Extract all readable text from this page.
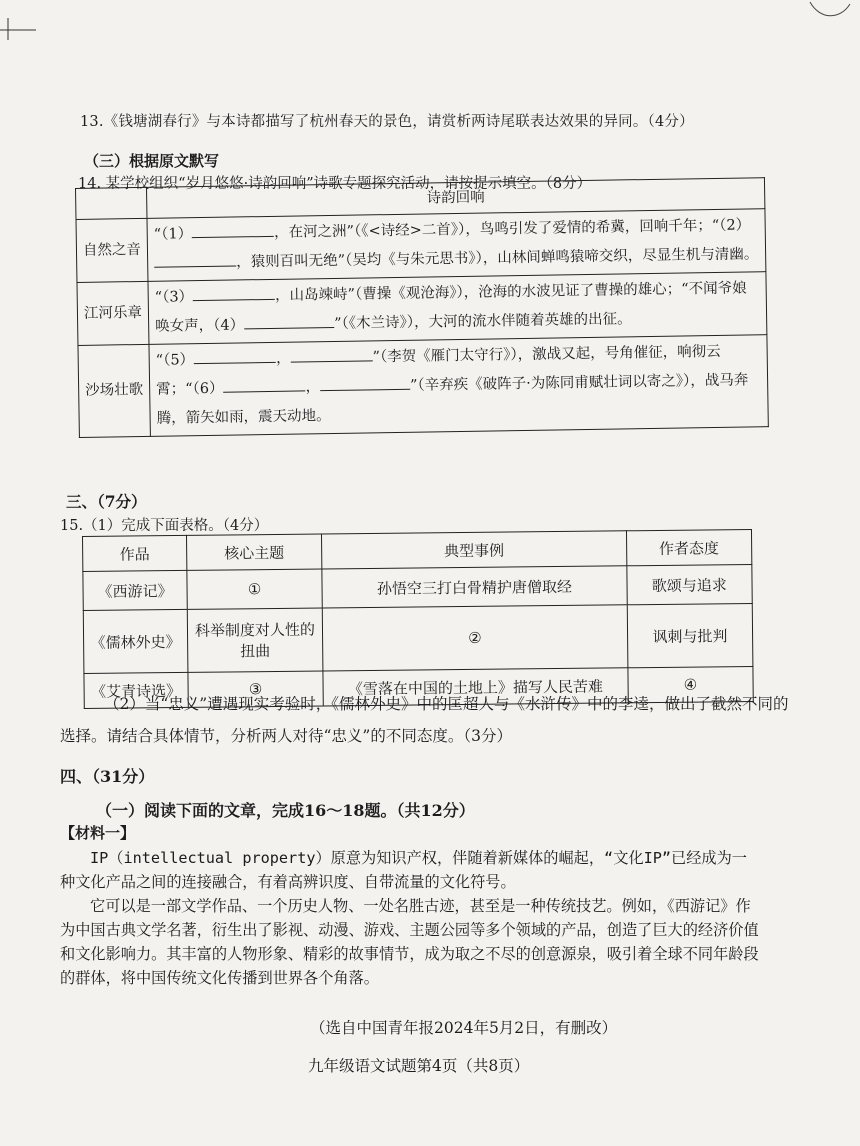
13.《钱塘湖春行》与本诗都描写了杭州春天的景色，请赏析两诗尾联表达效果的异同。（4分）
（三）根据原文默写
14. 某学校组织“岁月悠悠·诗韵回响”诗歌专题探究活动，请按提示填空。（8分）
	诗韵回响
自然之音	“（1） ，在河之洲”（《<诗经>二首》），鸟鸣引发了爱情的希冀，回响千年；“（2），猿则百叫无绝”（吴均《与朱元思书》），山林间蝉鸣猿啼交织，尽显生机与清幽。
江河乐章	“（3） ，山岛竦峙”（曹操《观沧海》），沧海的水波见证了曹操的雄心；“不闻爷娘唤女声，（4） ”（《木兰诗》），大河的流水伴随着英雄的出征。
沙场壮歌	“（5） ， ”（李贺《雁门太守行》），激战又起，号角催征，响彻云霄；“（6） ， ”（辛弃疾《破阵子·为陈同甫赋壮词以寄之》），战马奔腾，箭矢如雨，震天动地。
三、（7分）
15.（1）完成下面表格。（4分）
作品	核心主题	典型事例	作者态度
《西游记》	①	孙悟空三打白骨精护唐僧取经	歌颂与追求
《儒林外史》	科举制度对人性的扭曲	②	讽刺与批判
《艾青诗选》	③	《雪落在中国的土地上》描写人民苦难	④
（2）当“忠义”遭遇现实考验时，《儒林外史》中的匡超人与《水浒传》中的李逵，做出了截然不同的选择。请结合具体情节，分析两人对待“忠义”的不同态度。（3分）
四、（31分）
（一）阅读下面的文章，完成16～18题。（共12分）
【材料一】

IP（intellectual property）原意为知识产权，伴随着新媒体的崛起，“文化IP”已经成为一种文化产品之间的连接融合，有着高辨识度、自带流量的文化符号。

它可以是一部文学作品、一个历史人物、一处名胜古迹，甚至是一种传统技艺。例如，《西游记》作为中国古典文学名著，衍生出了影视、动漫、游戏、主题公园等多个领域的产品，创造了巨大的经济价值和文化影响力。其丰富的人物形象、精彩的故事情节，成为取之不尽的创意源泉，吸引着全球不同年龄段的群体，将中国传统文化传播到世界各个角落。

（选自中国青年报2024年5月2日，有删改）
九年级语文试题第4页（共8页）
